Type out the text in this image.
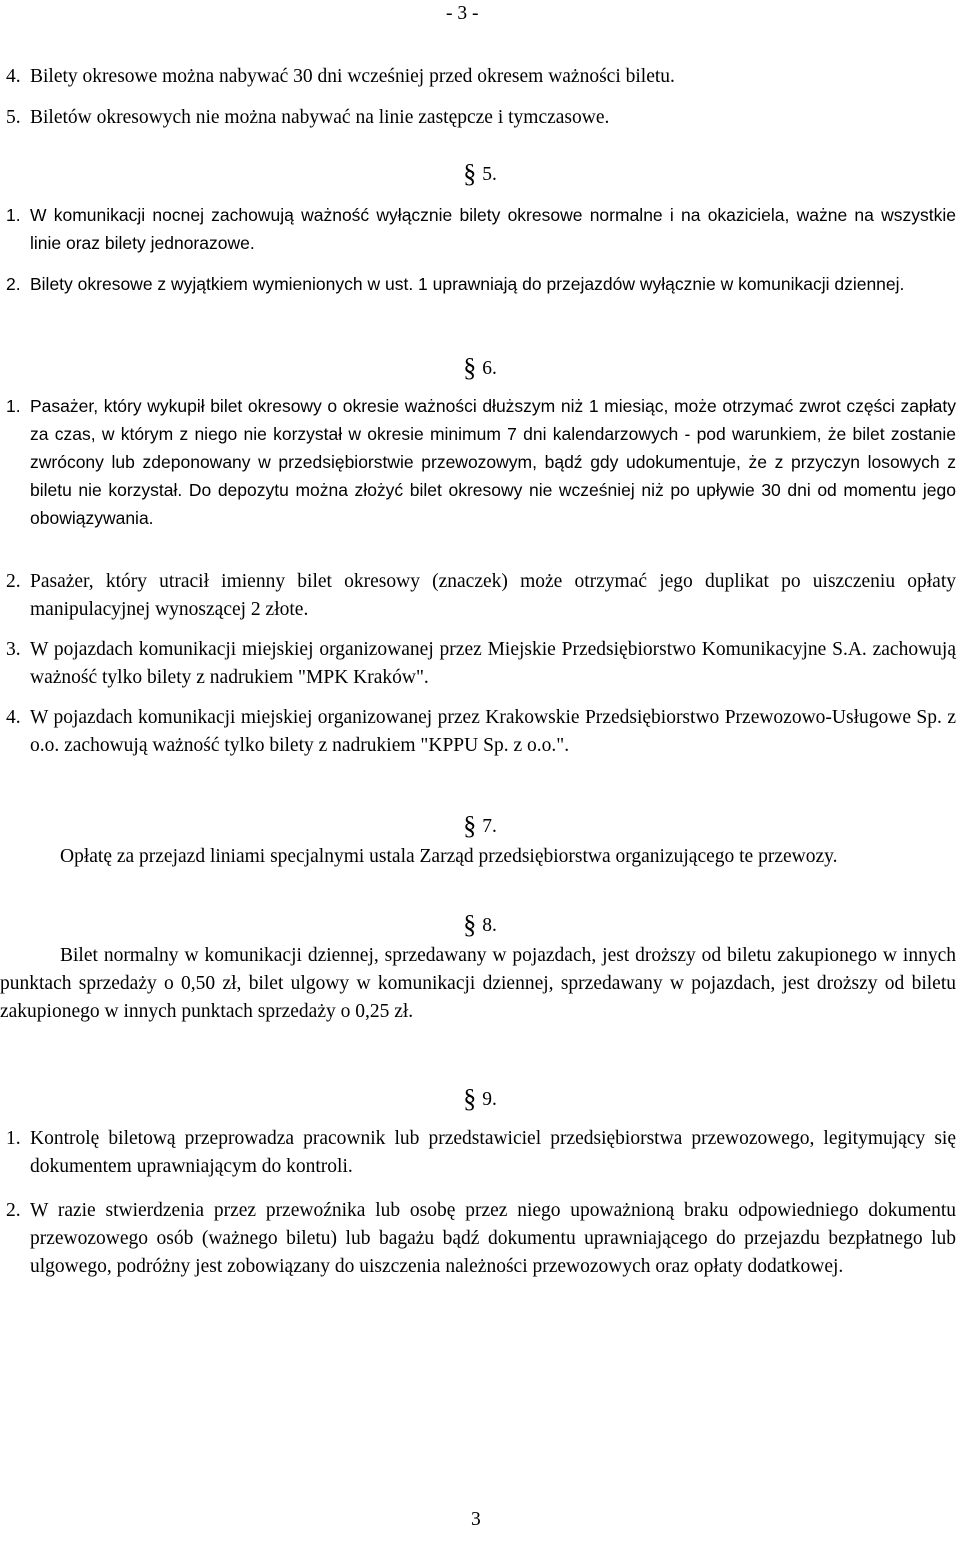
- 3 -
4. Bilety okresowe można nabywać 30 dni wcześniej przed okresem ważności biletu.
5. Biletów okresowych nie można nabywać na linie zastępcze i tymczasowe.
§ 5.
1. W komunikacji nocnej zachowują ważność wyłącznie bilety okresowe normalne i na okaziciela, ważne na wszystkie linie oraz bilety jednorazowe.
2. Bilety okresowe z wyjątkiem wymienionych w ust. 1 uprawniają do przejazdów wyłącznie w komunikacji dziennej.
§ 6.
1. Pasażer, który wykupił bilet okresowy o okresie ważności dłuższym niż 1 miesiąc, może otrzymać zwrot części zapłaty za czas, w którym z niego nie korzystał w okresie minimum 7 dni kalendarzowych - pod warunkiem, że bilet zostanie zwrócony lub zdeponowany w przedsiębiorstwie przewozowym, bądź gdy udokumentuje, że z przyczyn losowych z biletu nie korzystał. Do depozytu można złożyć bilet okresowy nie wcześniej niż po upływie 30 dni od momentu jego obowiązywania.
2. Pasażer, który utracił imienny bilet okresowy (znaczek) może otrzymać jego duplikat po uiszczeniu opłaty manipulacyjnej wynoszącej 2 złote.
3. W pojazdach komunikacji miejskiej organizowanej przez Miejskie Przedsiębiorstwo Komunikacyjne S.A. zachowują ważność tylko bilety z nadrukiem "MPK Kraków".
4. W pojazdach komunikacji miejskiej organizowanej przez Krakowskie Przedsiębiorstwo Przewozowo-Usługowe Sp. z o.o. zachowują ważność tylko bilety z nadrukiem "KPPU Sp. z o.o.".
§ 7.
Opłatę za przejazd liniami specjalnymi ustala Zarząd przedsiębiorstwa organizującego te przewozy.
§ 8.
Bilet normalny w komunikacji dziennej, sprzedawany w pojazdach, jest droższy od biletu zakupionego w innych punktach sprzedaży o 0,50 zł, bilet ulgowy w komunikacji dziennej, sprzedawany w pojazdach, jest droższy od biletu zakupionego w innych punktach sprzedaży o 0,25 zł.
§ 9.
1. Kontrolę biletową przeprowadza pracownik lub przedstawiciel przedsiębiorstwa przewozowego, legitymujący się dokumentem uprawniającym do kontroli.
2. W razie stwierdzenia przez przewoźnika lub osobę przez niego upoważnioną braku odpowiedniego dokumentu przewozowego osób (ważnego biletu) lub bagażu bądź dokumentu uprawniającego do przejazdu bezpłatnego lub ulgowego, podróżny jest zobowiązany do uiszczenia należności przewozowych oraz opłaty dodatkowej.
3
